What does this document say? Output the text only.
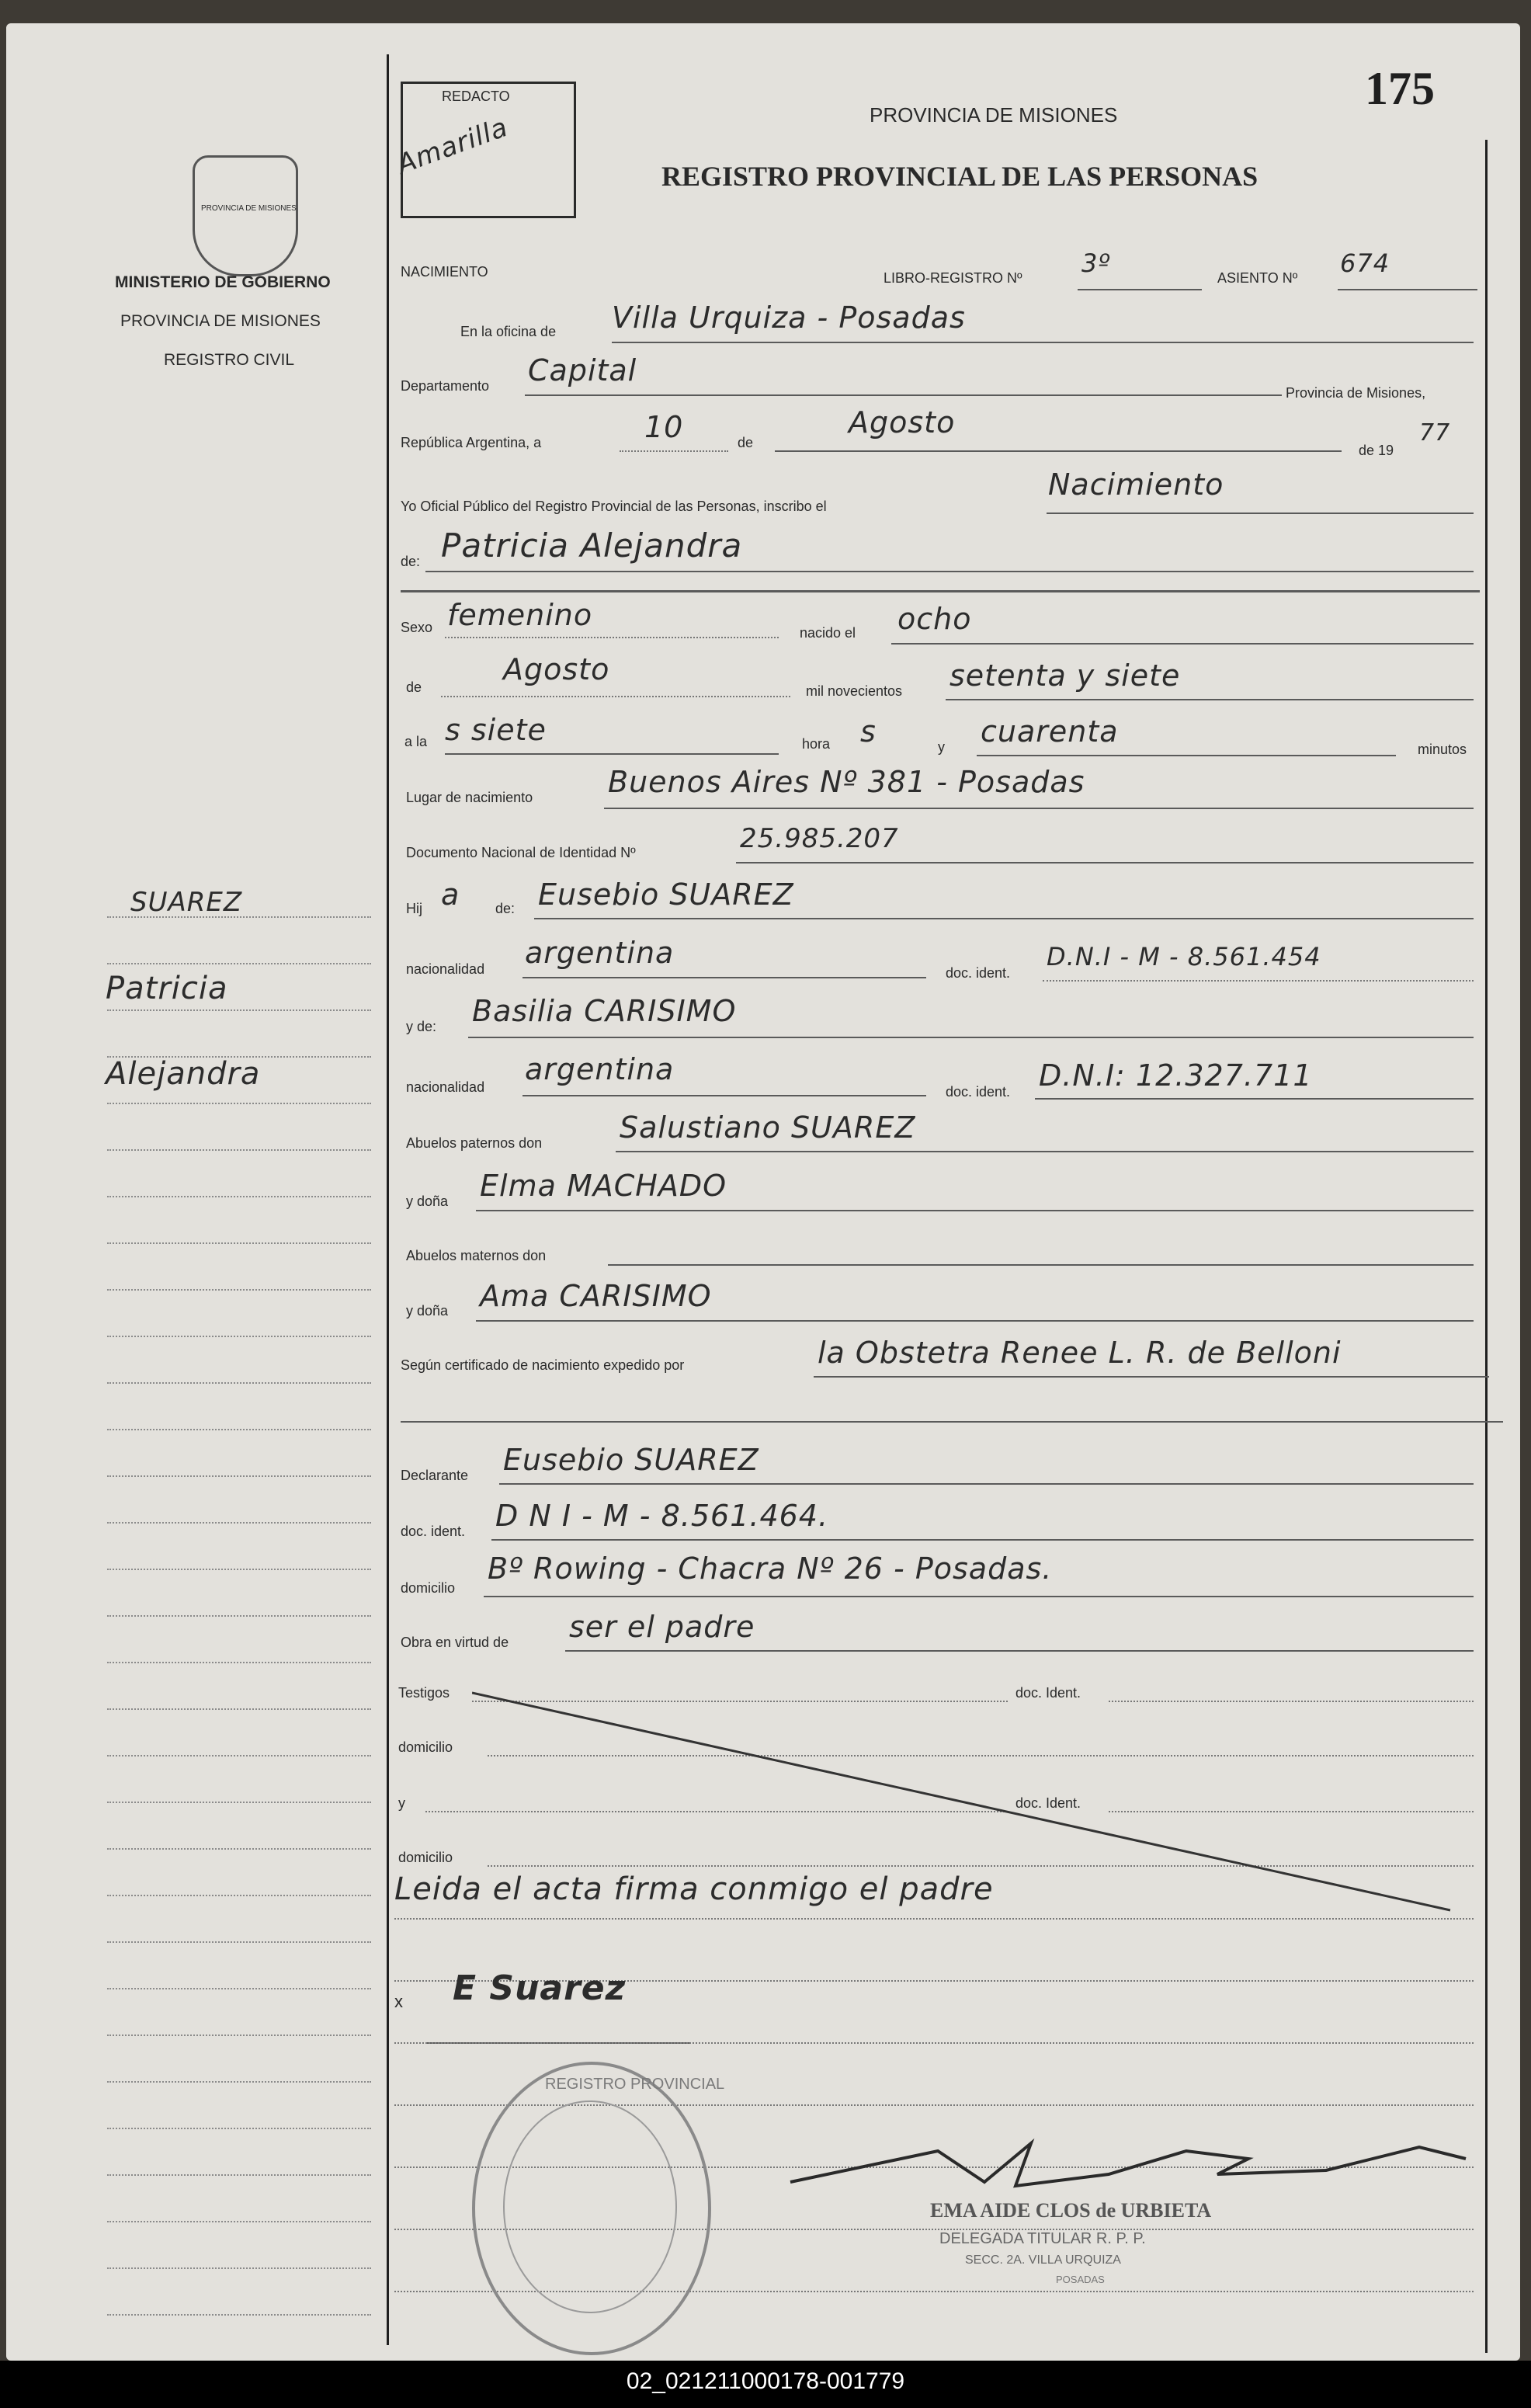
175
REDACTO
Amarilla	PROVINCIA DE MISIONES
REGISTRO PROVINCIAL DE LAS PERSONAS
PROVINCIA DE MISIONES
MINISTERIO DE GOBIERNO
PROVINCIA DE MISIONES
REGISTRO CIVIL
SUAREZ
Patricia
Alejandra
NACIMIENTO	LIBRO-REGISTRO Nº 3º	ASIENTO Nº 674
En la oficina de Villa Urquiza - Posadas
Departamento Capital
Provincia de Misiones,
República Argentina, a	10	de
Agosto
de 19
77
Yo Oficial Público del Registro Provincial de las Personas, inscribo el
Nacimiento
de: Patricia Alejandra
Sexo femenino
nacido el ocho
de
Agosto
mil novecientos setenta y siete
a la s siete	hora s	y cuarenta
minutos
Lugar de nacimiento	Buenos Aires Nº 381 - Posadas
Documento Nacional de Identidad Nº	25.985.207
Hij a	de: Eusebio SUAREZ
nacionalidad argentina
doc. ident.
D.N.I - M - 8.561.454
y de: Basilia CARISIMO
nacionalidad
argentina
doc. ident. D.N.I: 12.327.711
Abuelos paternos don	Salustiano SUAREZ
y doña Elma MACHADO
Abuelos maternos don
y doña Ama CARISIMO
Según certificado de nacimiento expedido por	la Obstetra Renee L. R. de Belloni
Declarante Eusebio SUAREZ
doc. ident. D N I - M - 8.561.464.
domicilio
Bº Rowing - Chacra Nº 26 - Posadas.
Obra en virtud de ser el padre
Testigos	doc. Ident.
domicilio
y	doc. Ident.
domicilio
Leida el acta firma conmigo el padre
x E Suarez
REGISTRO PROVINCIAL
EMA AIDE CLOS de URBIETA
DELEGADA TITULAR R. P. P.
SECC. 2A. VILLA URQUIZA
POSADAS
02_021211000178-001779
